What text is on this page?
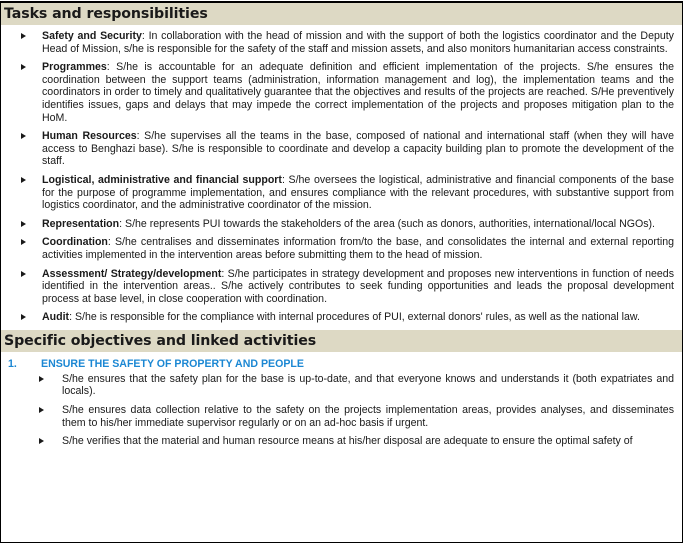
Tasks and responsibilities
Safety and Security: In collaboration with the head of mission and with the support of both the logistics coordinator and the Deputy Head of Mission, s/he is responsible for the safety of the staff and mission assets, and also monitors humanitarian access constraints.
Programmes: S/he is accountable for an adequate definition and efficient implementation of the projects. S/he ensures the coordination between the support teams (administration, information management and log), the implementation teams and the coordinators in order to timely and qualitatively guarantee that the objectives and results of the projects are reached. S/He preventively identifies issues, gaps and delays that may impede the correct implementation of the projects and proposes mitigation plan to the HoM.
Human Resources: S/he supervises all the teams in the base, composed of national and international staff (when they will have access to Benghazi base). S/he is responsible to coordinate and develop a capacity building plan to promote the development of the staff.
Logistical, administrative and financial support: S/he oversees the logistical, administrative and financial components of the base for the purpose of programme implementation, and ensures compliance with the relevant procedures, with substantive support from logistics coordinator, and the administrative coordinator of the mission.
Representation: S/he represents PUI towards the stakeholders of the area (such as donors, authorities, international/local NGOs).
Coordination: S/he centralises and disseminates information from/to the base, and consolidates the internal and external reporting activities implemented in the intervention areas before submitting them to the head of mission.
Assessment/ Strategy/development: S/he participates in strategy development and proposes new interventions in function of needs identified in the intervention areas.. S/he actively contributes to seek funding opportunities and leads the proposal development process at base level, in close cooperation with coordination.
Audit: S/he is responsible for the compliance with internal procedures of PUI, external donors' rules, as well as the national law.
Specific objectives and linked activities
1.	ENSURE THE SAFETY OF PROPERTY AND PEOPLE
S/he ensures that the safety plan for the base is up-to-date, and that everyone knows and understands it (both expatriates and locals).
S/he ensures data collection relative to the safety on the projects implementation areas, provides analyses, and disseminates them to his/her immediate supervisor regularly or on an ad-hoc basis if urgent.
S/he verifies that the material and human resource means at his/her disposal are adequate to ensure the optimal safety of
